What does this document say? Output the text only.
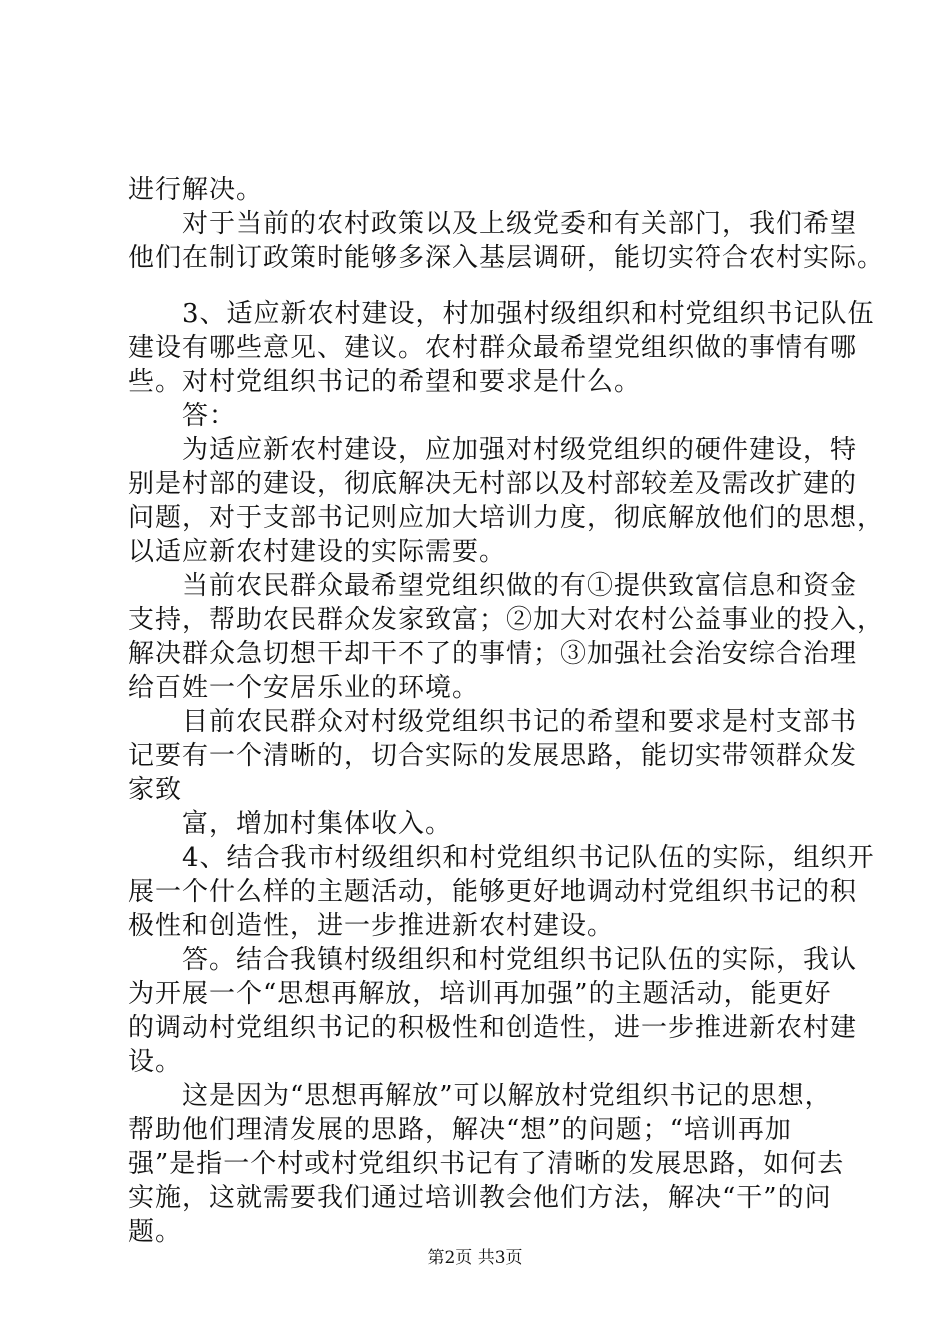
进行解决。
　　对于当前的农村政策以及上级党委和有关部门，我们希望
他们在制订政策时能够多深入基层调研，能切实符合农村实际。
　　3、适应新农村建设，村加强村级组织和村党组织书记队伍
建设有哪些意见、建议。农村群众最希望党组织做的事情有哪
些。对村党组织书记的希望和要求是什么。
　　答：
　　为适应新农村建设，应加强对村级党组织的硬件建设，特
别是村部的建设，彻底解决无村部以及村部较差及需改扩建的
问题，对于支部书记则应加大培训力度，彻底解放他们的思想，
以适应新农村建设的实际需要。
　　当前农民群众最希望党组织做的有①提供致富信息和资金
支持，帮助农民群众发家致富；②加大对农村公益事业的投入，
解决群众急切想干却干不了的事情；③加强社会治安综合治理
给百姓一个安居乐业的环境。
　　目前农民群众对村级党组织书记的希望和要求是村支部书
记要有一个清晰的，切合实际的发展思路，能切实带领群众发
家致
　　富，增加村集体收入。
　　4、结合我市村级组织和村党组织书记队伍的实际，组织开
展一个什么样的主题活动，能够更好地调动村党组织书记的积
极性和创造性，进一步推进新农村建设。
　　答。结合我镇村级组织和村党组织书记队伍的实际，我认
为开展一个“思想再解放，培训再加强”的主题活动，能更好
的调动村党组织书记的积极性和创造性，进一步推进新农村建
设。
　　这是因为“思想再解放”可以解放村党组织书记的思想，
帮助他们理清发展的思路，解决“想”的问题；“培训再加
强”是指一个村或村党组织书记有了清晰的发展思路，如何去
实施，这就需要我们通过培训教会他们方法，解决“干”的问
题。
第2页 共3页
